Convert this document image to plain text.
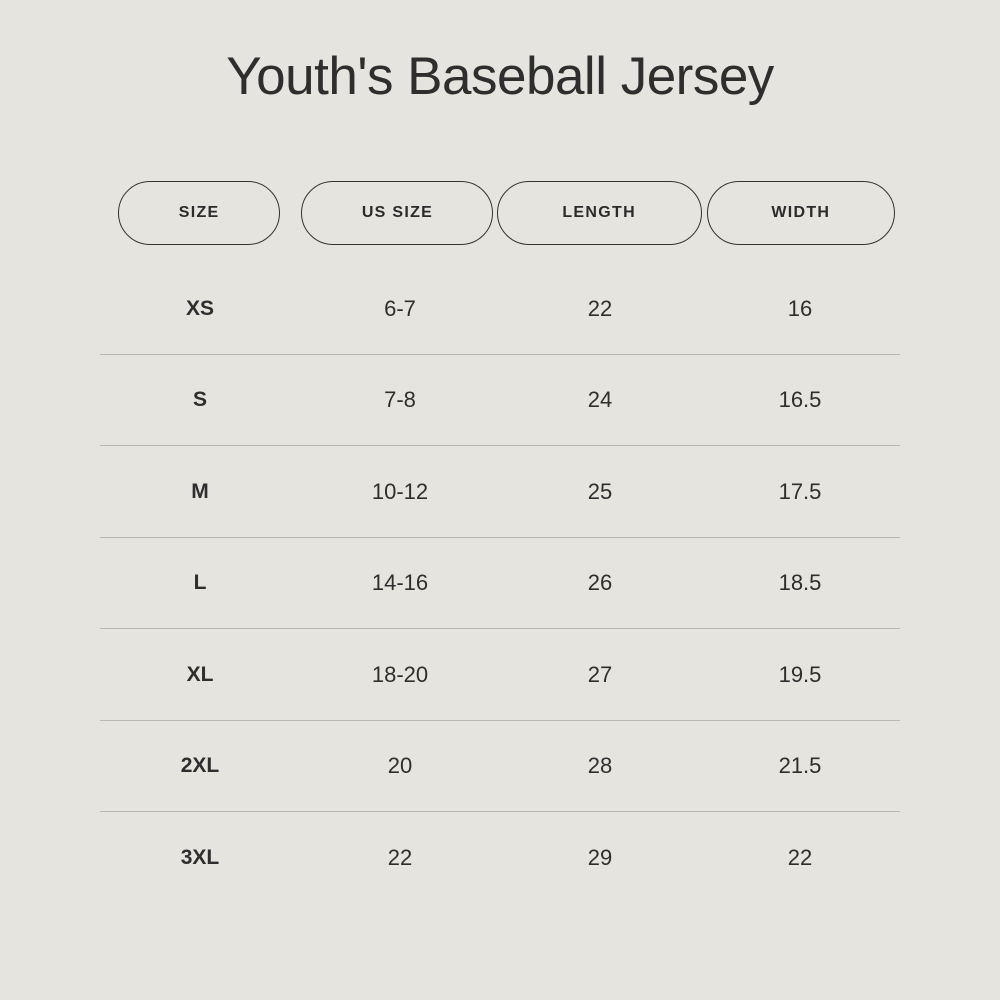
Youth's Baseball Jersey
SIZE	US SIZE	LENGTH	WIDTH
XS	6-7	22	16
S	7-8	24	16.5
M	10-12	25	17.5
L	14-16	26	18.5
XL	18-20	27	19.5
2XL	20	28	21.5
3XL	22	29	22
